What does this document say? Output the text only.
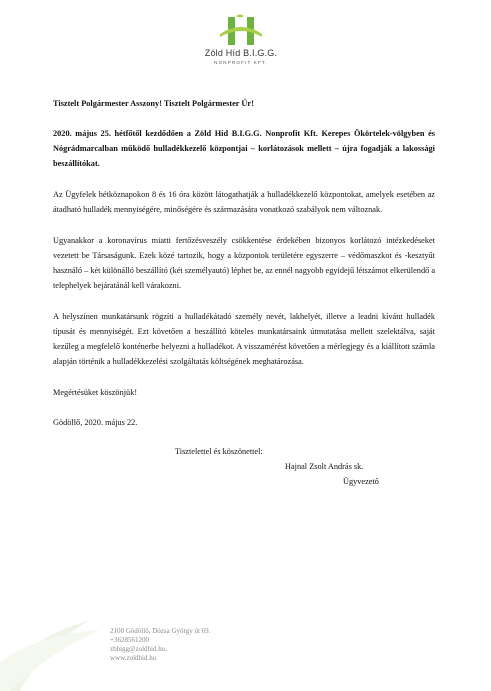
Zöld Híd B.I.G.G.
NONPROFIT KFT.

Tisztelt Polgármester Asszony! Tisztelt Polgármester Úr!

2020. május 25. hétfőtől kezdődően a Zöld Híd B.I.G.G. Nonprofit Kft. Kerepes Ökörtelek-völgyben és Nógrádmarcalban működő hulladékkezelő központjai – korlátozások mellett – újra fogadják a lakossági beszállítókat.

Az Ügyfelek hétköznapokon 8 és 16 óra között látogathatják a hulladékkezelő központokat, amelyek esetében az átadható hulladék mennyiségére, minőségére és származására vonatkozó szabályok nem változnak.

Ugyanakkor a koronavírus miatti fertőzésveszély csökkentése érdekében bizonyos korlátozó intézkedéseket vezetett be Társaságunk. Ezek közé tartozik, hogy a központok területére egyszerre – védőmaszkot és -kesztyűt használó – két különálló beszállító (két személyautó) léphet be, az ennél nagyobb egyidejű létszámot elkerülendő a telephelyek bejáratánál kell várakozni.

A helyszínen munkatársunk rögzíti a hulladékátadó személy nevét, lakhelyét, illetve a leadni kívánt hulladék típusát és mennyiségét. Ezt követően a beszállító köteles munkatársaink útmutatása mellett szelektálva, saját kezűleg a megfelelő konténerbe helyezni a hulladékot. A visszamérést követően a mérlegjegy és a kiállított számla alapján történik a hulladékkezelési szolgáltatás költségének meghatározása.

Megértésüket köszönjük!

Gödöllő, 2020. május 22.

Tisztelettel és köszönettel:

Hajnal Zsolt András sk.

Ügyvezető

2100 Gödöllő, Dózsa György út 69.
+3628561200
zbbigg@zoldhid.hu,
www.zoldhid.hu
